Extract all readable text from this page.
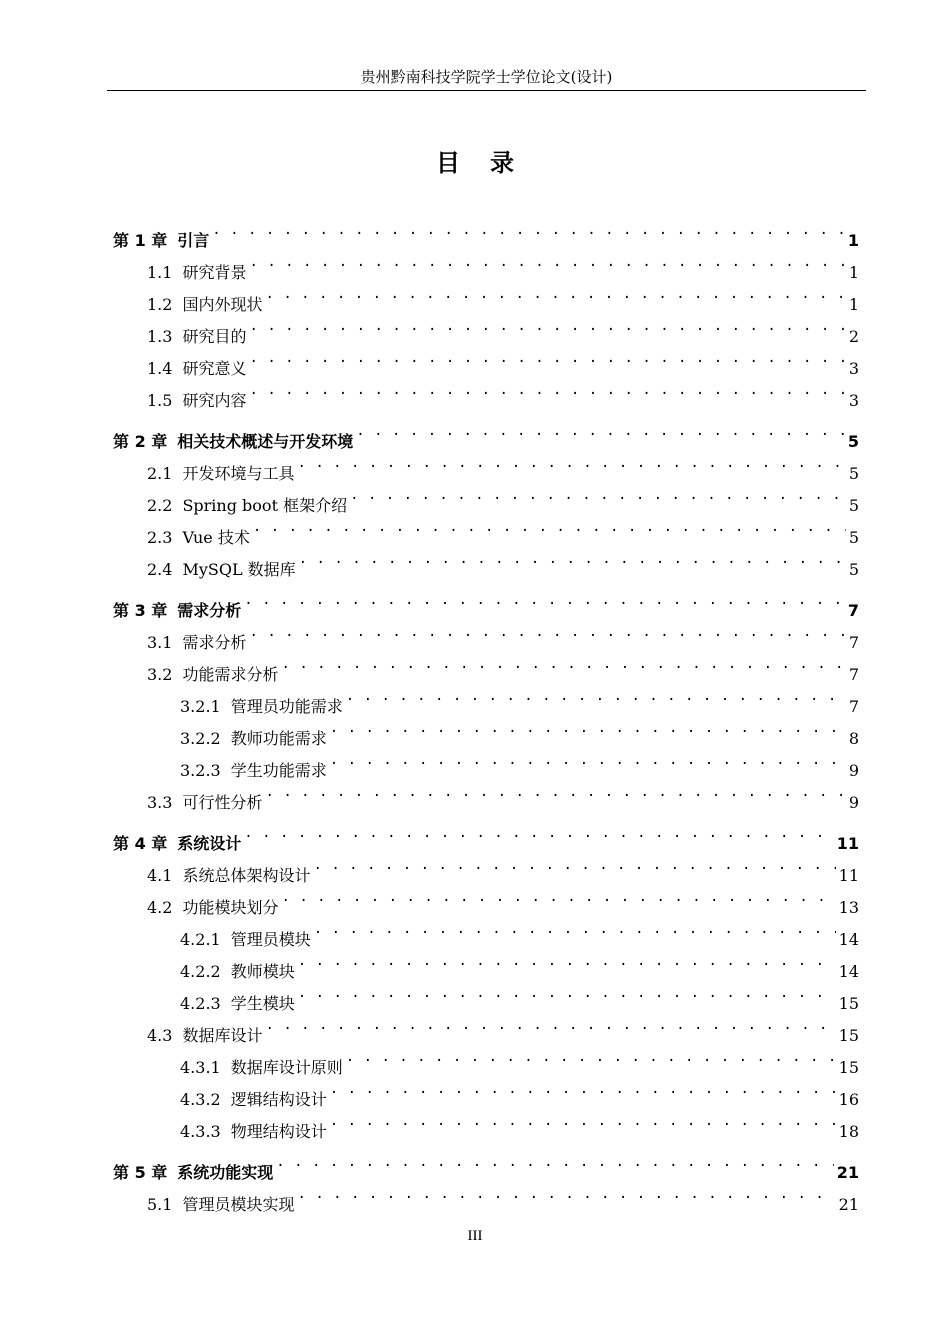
贵州黔南科技学院学士学位论文(设计)
目录
第 1 章 引言 . . .	1
1.1 研究背景 . . .	1
1.2 国内外现状 . . .	1
1.3 研究目的 . . .	2
1.4 研究意义 . . .	3
1.5 研究内容 . . .	3
第 2 章 相关技术概述与开发环境 . . .	5
2.1 开发环境与工具 . . .	5
2.2 Spring boot 框架介绍 . . .	5
2.3 Vue 技术 . . .	5
2.4 MySQL 数据库 . . .	5
第 3 章 需求分析 . . .	7
3.1 需求分析 . . .	7
3.2 功能需求分析 . . .	7
3.2.1 管理员功能需求 . . .	7
3.2.2 教师功能需求 . . .	8
3.2.3 学生功能需求 . . .	9
3.3 可行性分析 . . .	9
第 4 章 系统设计 . . .	11
4.1 系统总体架构设计 . . .	11
4.2 功能模块划分 . . .	13
4.2.1 管理员模块 . . .	14
4.2.2 教师模块 . . .	14
4.2.3 学生模块 . . .	15
4.3 数据库设计 . . .	15
4.3.1 数据库设计原则 . . .	15
4.3.2 逻辑结构设计 . . .	16
4.3.3 物理结构设计 . . .	18
第 5 章 系统功能实现 . . .	21
5.1 管理员模块实现 . . .	21
III
